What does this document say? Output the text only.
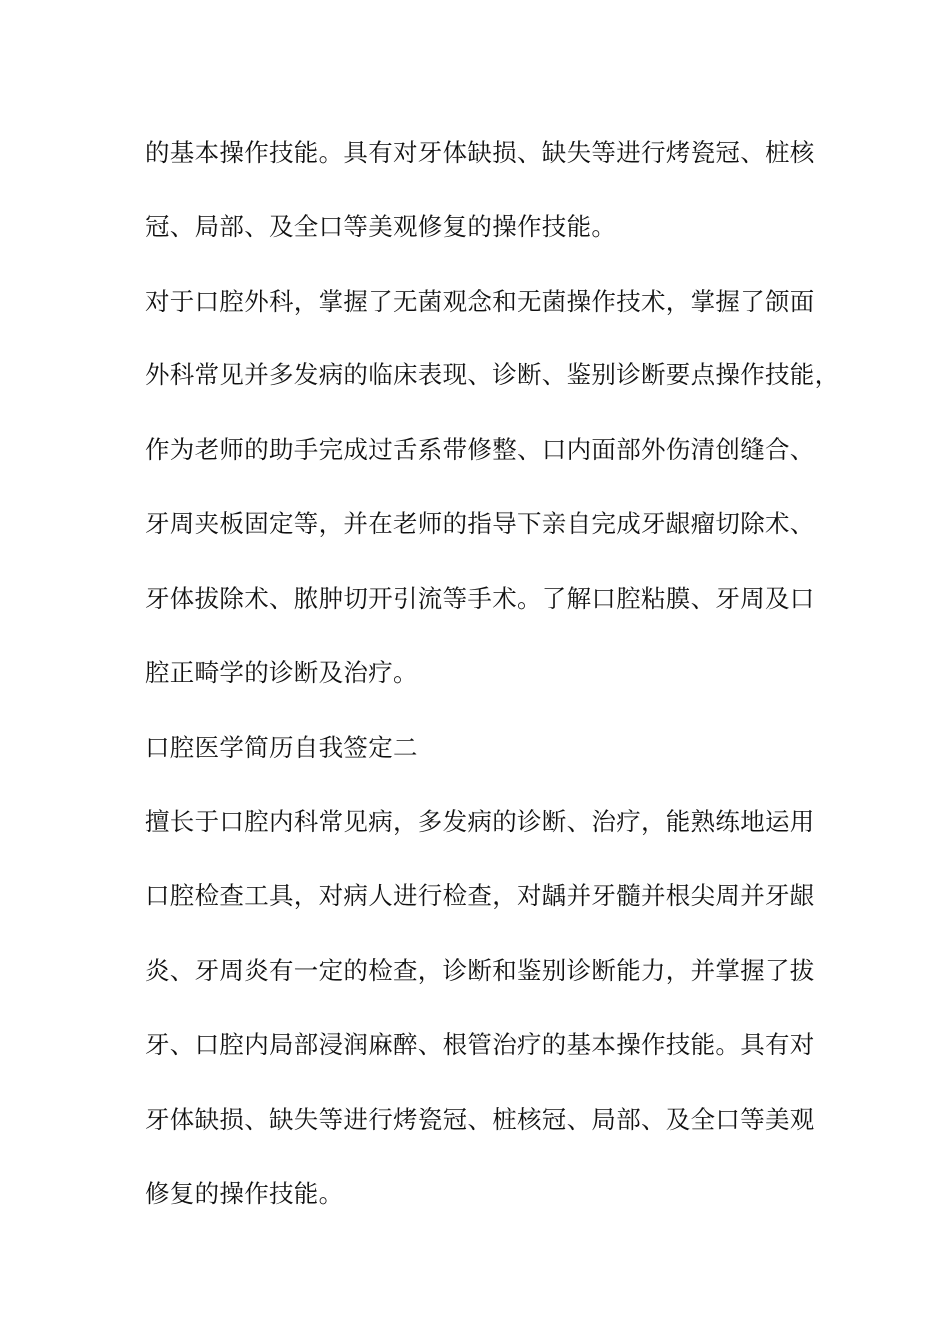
的基本操作技能。具有对牙体缺损、缺失等进行烤瓷冠、桩核
冠、局部、及全口等美观修复的操作技能。
对于口腔外科，掌握了无菌观念和无菌操作技术，掌握了颌面
外科常见并多发病的临床表现、诊断、鉴别诊断要点操作技能，
作为老师的助手完成过舌系带修整、口内面部外伤清创缝合、
牙周夹板固定等，并在老师的指导下亲自完成牙龈瘤切除术、
牙体拔除术、脓肿切开引流等手术。了解口腔粘膜、牙周及口
腔正畸学的诊断及治疗。
口腔医学简历自我签定二
擅长于口腔内科常见病，多发病的诊断、治疗，能熟练地运用
口腔检查工具，对病人进行检查，对龋并牙髓并根尖周并牙龈
炎、牙周炎有一定的检查，诊断和鉴别诊断能力，并掌握了拔
牙、口腔内局部浸润麻醉、根管治疗的基本操作技能。具有对
牙体缺损、缺失等进行烤瓷冠、桩核冠、局部、及全口等美观
修复的操作技能。
